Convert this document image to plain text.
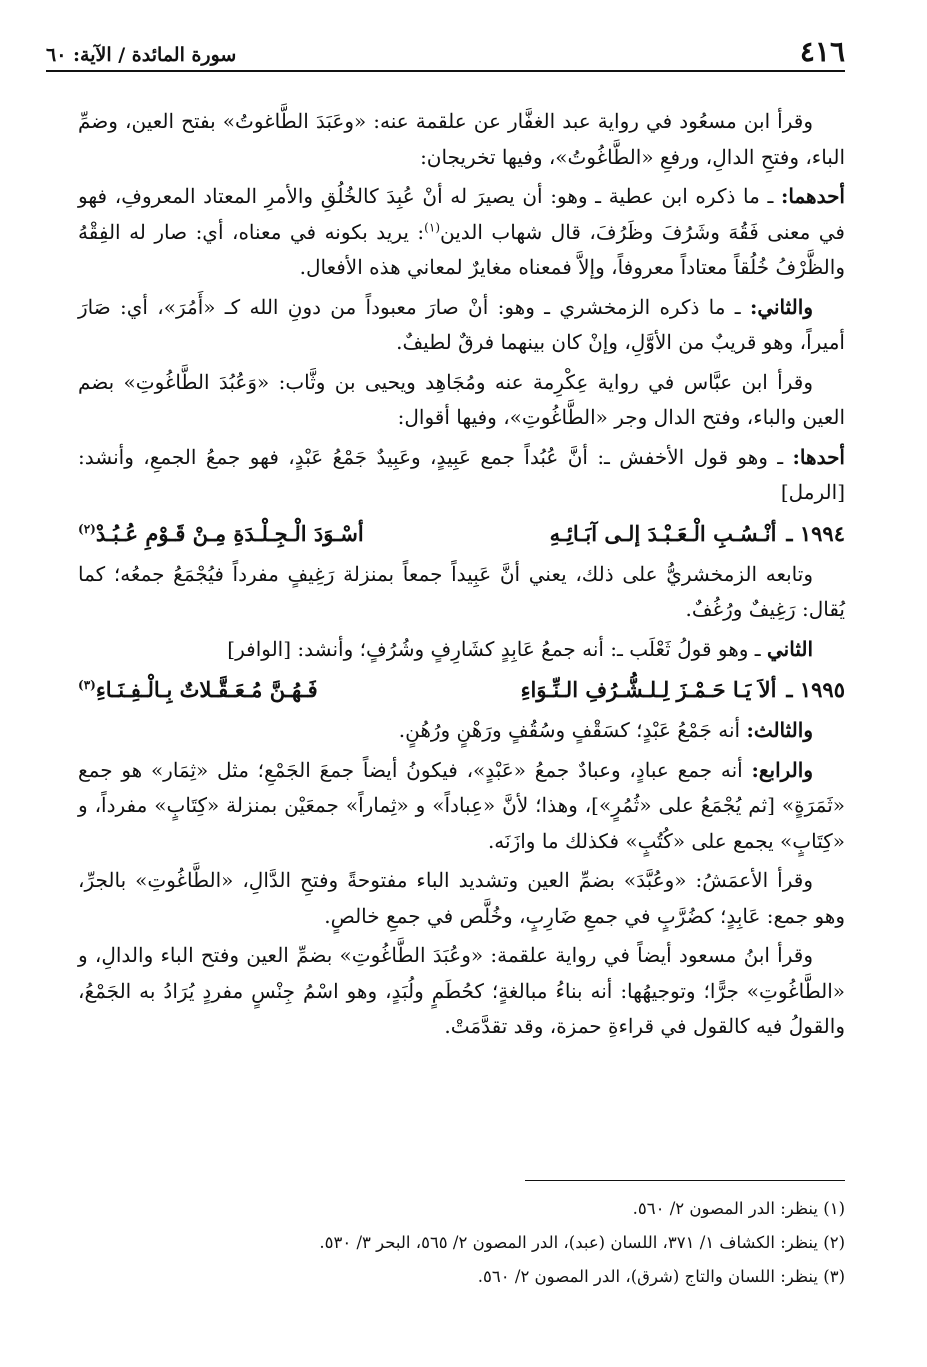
٤١٦
سورة المائدة / الآية: ٦٠

وقرأ ابن مسعُود في رواية عبد الغفَّار عن علقمة عنه: «وعَبَدَ الطَّاغوتُ» بفتح العين، وضمِّ الباء، وفتحِ الدالِ، ورفعِ «الطَّاغُوتُ»، وفيها تخريجان:

أحدهما: ـ ما ذكره ابن عطية ـ وهو: أن يصيرَ له أنْ عُبِدَ كالخُلُقِ والأمرِ المعتاد المعروفِ، فهو في معنى فَقُهَ وشَرُفَ وظَرُفَ، قال شهاب الدين$^{(١)}$: يريد بكونه في معناه، أي: صار له الفِقْهُ والظَّرْفُ خُلُقاً معتاداً معروفاً، وإلاَّ فمعناه مغايرٌ لمعاني هذه الأفعال.

والثاني: ـ ما ذكره الزمخشري ـ وهو: أنْ صارَ معبوداً من دونِ الله كـ «أَمُرَ»، أي: صَارَ أميراً، وهو قريبٌ من الأوَّلِ، وإنْ كان بينهما فرقٌ لطيفٌ.

وقرأ ابن عبَّاس في رواية عِكْرِمة عنه ومُجَاهِد ويحيى بن وثَّاب: «وَعُبُدَ الطَّاغُوتِ» بضم العين والباء، وفتح الدال وجر «الطَّاغُوتِ»، وفيها أقوال:

أحدها: ـ وهو قول الأخفش ـ: أنَّ عُبُداً جمع عَبِيدٍ، وعَبِيدٌ جَمْعُ عَبْدٍ، فهو جمعُ الجمعِ، وأنشد: [الرمل]

١٩٩٤ ـ
أنْـسُـبِ الْـعَـبْـدَ إلـى آبَـائِـهِ
أسْـوَدَ الْـجِـلْـدَةِ مِـنْ قَـوْمِ عُـبُـدْ$^{(٢)}$

وتابعه الزمخشريُّ على ذلك، يعني أنَّ عَبِيداً جمعاً بمنزلة رَغِيفٍ مفرداً فيُجْمَعُ جمعُه؛ كما يُقال: رَغِيفٌ ورُغُفٌ.

الثاني ـ وهو قولُ ثَعْلَب ـ: أنه جمعُ عَابِدٍ كشَارِفٍ وشُرُفٍ؛ وأنشد: [الوافر]

١٩٩٥ ـ
ألاَ يَـا حَـمْـزَ لِـلـشُّـرُفِ الـنِّـوَاءِ
فَـهُـنَّ مُـعَـقَّـلاتٌ بِـالْـفِـنَـاءِ$^{(٣)}$

والثالث: أنه جَمْعُ عَبْدٍ؛ كسَقْفٍ وسُقُفٍ ورَهْنٍ ورُهُنٍ.

والرابع: أنه جمع عبادٍ، وعبادٌ جمعُ «عَبْدٍ»، فيكونُ أيضاً جمعَ الجَمْعِ؛ مثل «ثِمَار» هو جمع «ثَمَرَةٍ» [ثم يُجْمَعُ على «ثُمُرٍ»]، وهذا؛ لأنَّ «عِباداً» و «ثِماراً» جمعَيْن بمنزلة «كِتَابٍ» مفرداً، و «كِتَابٍ» يجمع على «كُتُبٍ» فكذلك ما وازَنَه.

وقرأ الأعمَشُ: «وعُبَّدَ» بضمِّ العين وتشديد الباء مفتوحةً وفتحِ الدَّالِ، «الطَّاغُوتِ» بالجرِّ، وهو جمع: عَابِدٍ؛ كضُرَّبٍ في جمعِ ضَارِبٍ، وخُلَّص في جمعِ خالصٍ.

وقرأ ابنُ مسعود أيضاً في رواية علقمة: «وعُبَدَ الطَّاغُوتِ» بضمِّ العين وفتح الباء والدالِ، و «الطَّاغُوتِ» جرًّا؛ وتوجيهُها: أنه بناءُ مبالغةٍ؛ كحُطَمٍ ولُبَدٍ، وهو اسْمُ جِنْسٍ مفردٍ يُرَادُ به الجَمْعُ، والقولُ فيه كالقول في قراءةِ حمزة، وقد تقدَّمَتْ.

(١) ينظر: الدر المصون ٢/ ٥٦٠.

(٢) ينظر: الكشاف ١/ ٣٧١، اللسان (عبد)، الدر المصون ٢/ ٥٦٥، البحر ٣/ ٥٣٠.

(٣) ينظر: اللسان والتاج (شرق)، الدر المصون ٢/ ٥٦٠.
